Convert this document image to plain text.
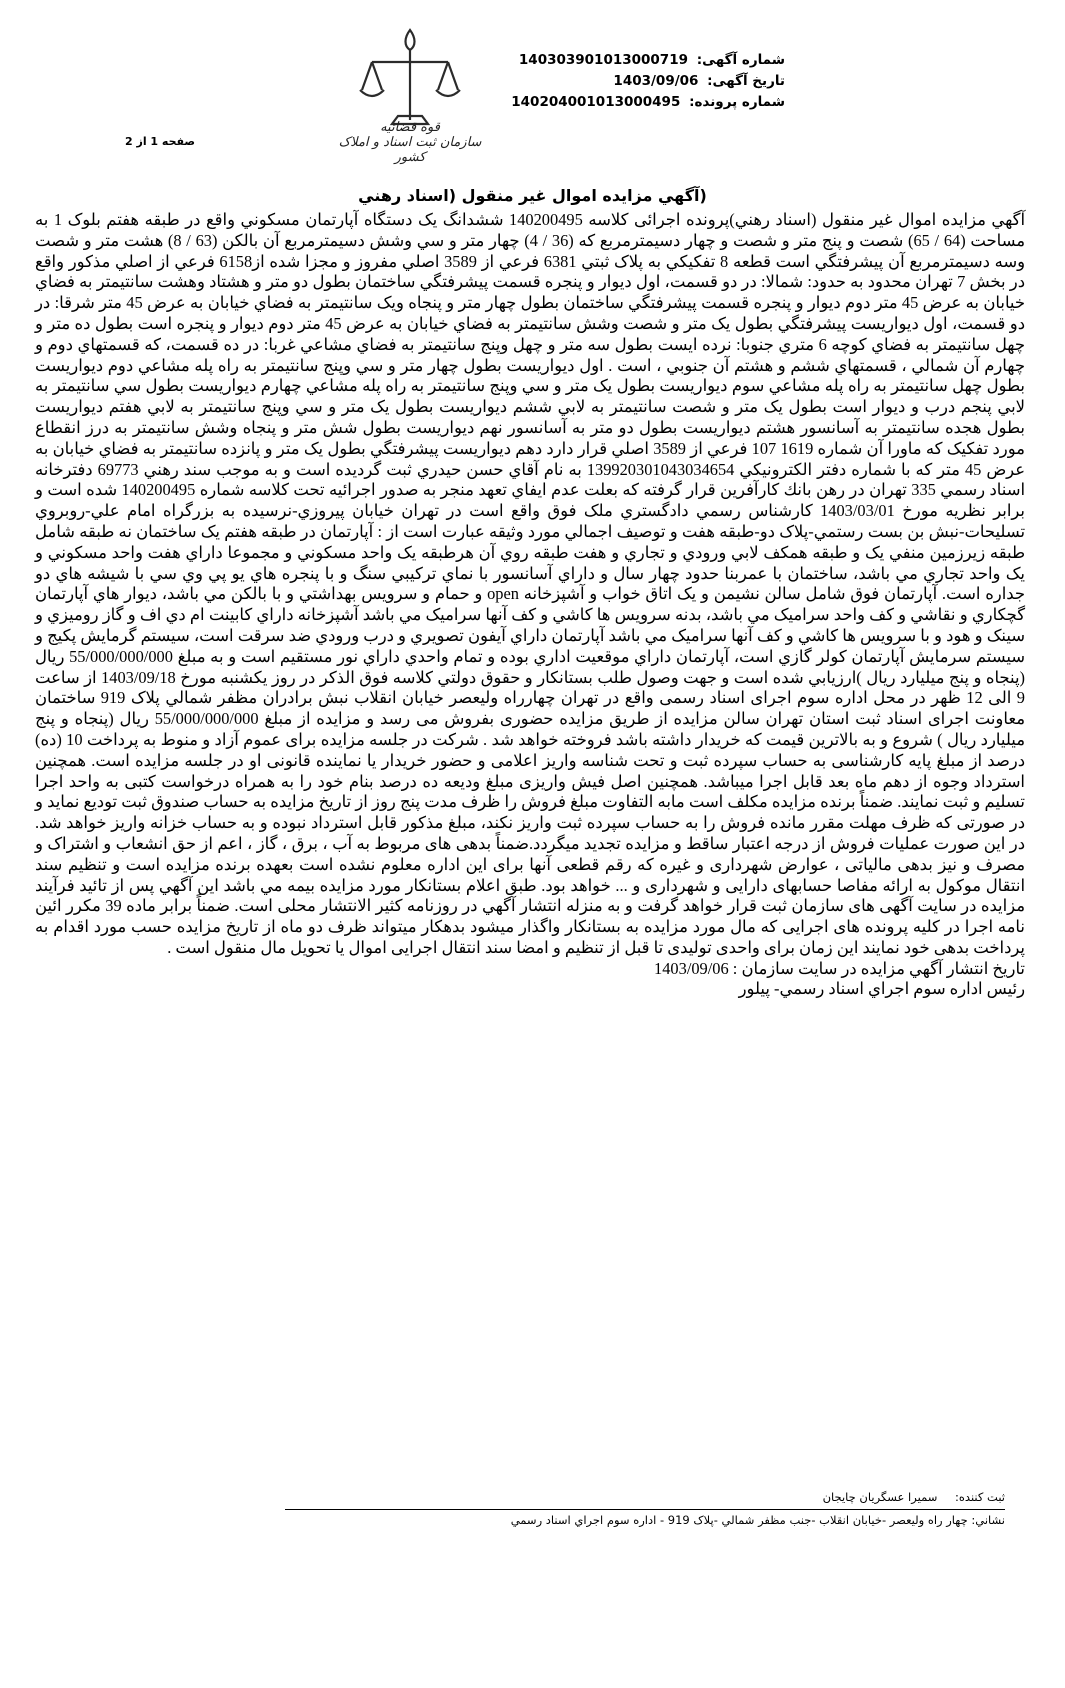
شماره آگهی: 140303901013000719
تاریخ آگهی: 1403/09/06
شماره پرونده: 140204001013000495
قوه قضائیه
سازمان ثبت اسناد و املاک کشور
صفحه 1 از 2
(آگهي مزايده اموال غير منقول (اسناد رهني

آگهي مزايده اموال غير منقول (اسناد رهني)پرونده اجرائی کلاسه 140200495 ششدانگ يک دستگاه آپارتمان مسکوني واقع در طبقه هفتم بلوک 1 به مساحت (64 / 65) شصت و پنج متر و شصت و چهار دسيمترمربع که (36 / 4) چهار متر و سي وشش دسيمترمربع آن بالكن (63 / 8) هشت متر و شصت وسه دسيمترمربع آن پيشرفتگي است قطعه 8 تفکيکي به پلاک ثبتي 6381 فرعي از 3589 اصلي مفروز و مجزا شده از6158 فرعي از اصلي مذكور واقع در بخش 7 تهران محدود به حدود: شمالا: در دو قسمت، اول ديوار و پنجره قسمت پيشرفتگي ساختمان بطول دو متر و هشتاد وهشت سانتيمتر به فضاي خيابان به عرض 45 متر دوم ديوار و پنجره قسمت پيشرفتگي ساختمان بطول چهار متر و پنجاه ويک سانتيمتر به فضاي خيابان به عرض 45 متر شرقا: در دو قسمت، اول ديواريست پيشرفتگي بطول يک متر و شصت وشش سانتيمتر به فضاي خيابان به عرض 45 متر دوم ديوار و پنجره است بطول ده متر و چهل سانتيمتر به فضاي کوچه 6 متري جنوبا: نرده ايست بطول سه متر و چهل وپنج سانتيمتر به فضاي مشاعي غربا: در ده قسمت، که قسمتهاي دوم و چهارم آن شمالي ، قسمتهاي ششم و هشتم آن جنوبي ، است . اول ديواريست بطول چهار متر و سي وپنج سانتيمتر به راه پله مشاعي دوم ديواريست بطول چهل سانتيمتر به راه پله مشاعي سوم ديواريست بطول يک متر و سي وپنج سانتيمتر به راه پله مشاعي چهارم ديواريست بطول سي سانتيمتر به لابي پنجم درب و ديوار است بطول يک متر و شصت سانتيمتر به لابي ششم ديواريست بطول يک متر و سي وپنج سانتيمتر به لابي هفتم ديواريست بطول هجده سانتيمتر به آسانسور هشتم ديواريست بطول دو متر به آسانسور نهم ديواريست بطول شش متر و پنجاه وشش سانتيمتر به درز انقطاع مورد تفکيک که ماورا آن شماره 1619 107 فرعي از 3589 اصلي قرار دارد دهم ديواريست پيشرفتگي بطول يک متر و پانزده سانتيمتر به فضاي خيابان به عرض 45 متر که با شماره دفتر الکترونيکي 139920301043034654 به نام آقاي حسن حيدري ثبت گرديده است و به موجب سند رهني 69773 دفترخانه اسناد رسمي 335 تهران در رهن بانك كارآفرين قرار گرفته كه بعلت عدم ايفاي تعهد منجر به صدور اجرائيه تحت كلاسه شماره 140200495 شده است و برابر نظريه مورخ 1403/03/01 كارشناس رسمي دادگستري ملک فوق واقع است در تهران خيابان پيروزي-نرسيده به بزرگراه امام علي-روبروي تسليحات-نبش بن بست رستمي-پلاک دو-طبقه هفت و توصيف اجمالي مورد وثيقه عبارت است از : آپارتمان در طبقه هفتم يک ساختمان نه طبقه شامل طبقه زيرزمين منفي يک و طبقه همکف لابي ورودي و تجاري و هفت طبقه روي آن هرطبقه يک واحد مسکوني و مجموعا داراي هفت واحد مسکوني و يک واحد تجاري مي باشد، ساختمان با عمربنا حدود چهار سال و داراي آسانسور با نماي ترکيبي سنگ و با پنجره هاي يو پي وي سي با شيشه هاي دو جداره است. آپارتمان فوق شامل سالن نشيمن و يک اتاق خواب و آشپزخانه open و حمام و سرويس بهداشتي و با بالکن مي باشد، ديوار هاي آپارتمان گچکاري و نقاشي و کف واحد سراميک مي باشد، بدنه سرويس ها کاشي و کف آنها سراميک مي باشد آشپزخانه داراي کابينت ام دي اف و گاز روميزي و سينک و هود و با سرويس ها کاشي و کف آنها سراميک مي باشد آپارتمان داراي آيفون تصويري و درب ورودي ضد سرقت است، سيستم گرمايش پکيج و سيستم سرمايش آپارتمان کولر گازي است، آپارتمان داراي موقعيت اداري بوده و تمام واحدي داراي نور مستقيم است و به مبلغ 55/000/000/000 ريال (پنجاه و پنج ميليارد ريال )ارزيابي شده است و جهت وصول طلب بستانكار و حقوق دولتي كلاسه فوق الذكر در روز يکشنبه مورخ 1403/09/18 از ساعت 9 الی 12 ظهر در محل اداره سوم اجرای اسناد رسمی واقع در تهران چهارراه وليعصر خيابان انقلاب نبش برادران مظفر شمالي پلاک 919 ساختمان معاونت اجرای اسناد ثبت استان تهران سالن مزايده از طريق مزايده حضوری بفروش می رسد و مزايده از مبلغ 55/000/000/000 ريال (پنجاه و پنج ميليارد ريال ) شروع و به بالاترين قيمت که خريدار داشته باشد فروخته خواهد شد . شرکت در جلسه مزايده برای عموم آزاد و منوط به پرداخت 10 (ده) درصد از مبلغ پايه کارشناسی به حساب سپرده ثبت و تحت شناسه واريز اعلامی و حضور خريدار يا نماينده قانونی او در جلسه مزايده است. همچنين استرداد وجوه از دهم ماه بعد قابل اجرا ميباشد. همچنين اصل فيش واريزی مبلغ وديعه ده درصد بنام خود را به همراه درخواست کتبی به واحد اجرا تسليم و ثبت نمايند. ضمناً برنده مزايده مکلف است مابه التفاوت مبلغ فروش را ظرف مدت پنج روز از تاريخ مزايده به حساب صندوق ثبت توديع نمايد و در صورتی که ظرف مهلت مقرر مانده فروش را به حساب سپرده ثبت واريز نكند، مبلغ مذکور قابل استرداد نبوده و به حساب خزانه واريز خواهد شد. در اين صورت عمليات فروش از درجه اعتبار ساقط و مزايده تجديد ميگردد.ضمناً بدهی های مربوط به آب ، برق ، گاز ، اعم از حق انشعاب و اشتراک و مصرف و نيز بدهی مالياتی ، عوارض شهرداری و غيره که رقم قطعی آنها برای اين اداره معلوم نشده است بعهده برنده مزايده است و تنظيم سند انتقال موکول به ارائه مفاصا حسابهای دارايی و شهرداری و ... خواهد بود. طبق اعلام بستانکار مورد مزايده بيمه مي باشد اين آگهي پس از تائيد فرآيند مزايده در سايت آگهی های سازمان ثبت قرار خواهد گرفت و به منزله انتشار آگهي در روزنامه کثير الانتشار محلی است. ضمناً برابر ماده 39 مکرر ائين نامه اجرا در کليه پرونده های اجرايی که مال مورد مزايده به بستانکار واگذار ميشود بدهکار ميتواند ظرف دو ماه از تاريخ مزايده حسب مورد اقدام به پرداخت بدهی خود نمايند اين زمان برای واحدی توليدی تا قبل از تنظيم و امضا سند انتقال اجرايی اموال يا تحويل مال منقول است .

تاريخ انتشار آگهي مزايده در سايت سازمان : 1403/09/06

رئيس اداره سوم اجراي اسناد رسمي- پيلور

ثبت كننده: سميرا عسگريان چايجان
نشاني: چهار راه وليعصر -خيابان انقلاب -جنب مظفر شمالي -پلاک 919 - اداره سوم اجراي اسناد رسمي
